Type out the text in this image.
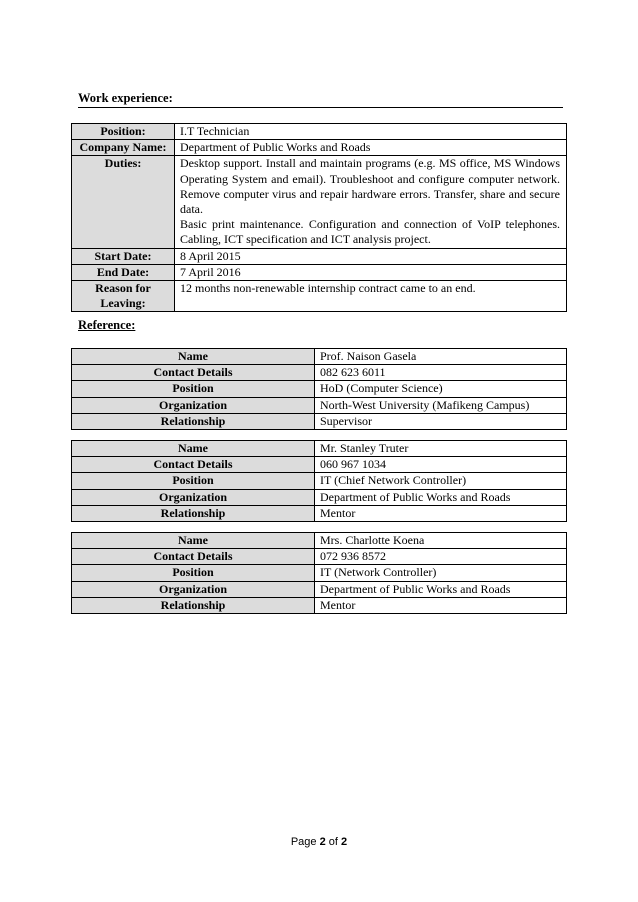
Work experience:
Position:	I.T Technician
Company Name:	Department of Public Works and Roads
Duties:	Desktop support. Install and maintain programs (e.g. MS office, MS Windows Operating System and email). Troubleshoot and configure computer network. Remove computer virus and repair hardware errors. Transfer, share and secure data.
Basic print maintenance. Configuration and connection of VoIP telephones. Cabling, ICT specification and ICT analysis project.

Start Date:	8 April 2015
End Date:	7 April 2016
Reason for Leaving:	12 months non-renewable internship contract came to an end.
Reference:
Name	Prof. Naison Gasela
Contact Details	082 623 6011
Position	HoD (Computer Science)
Organization	North-West University (Mafikeng Campus)
Relationship	Supervisor
Name	Mr. Stanley Truter
Contact Details	060 967 1034
Position	IT (Chief Network Controller)
Organization	Department of Public Works and Roads
Relationship	Mentor
Name	Mrs. Charlotte Koena
Contact Details	072 936 8572
Position	IT (Network Controller)
Organization	Department of Public Works and Roads
Relationship	Mentor
Page 2 of 2
